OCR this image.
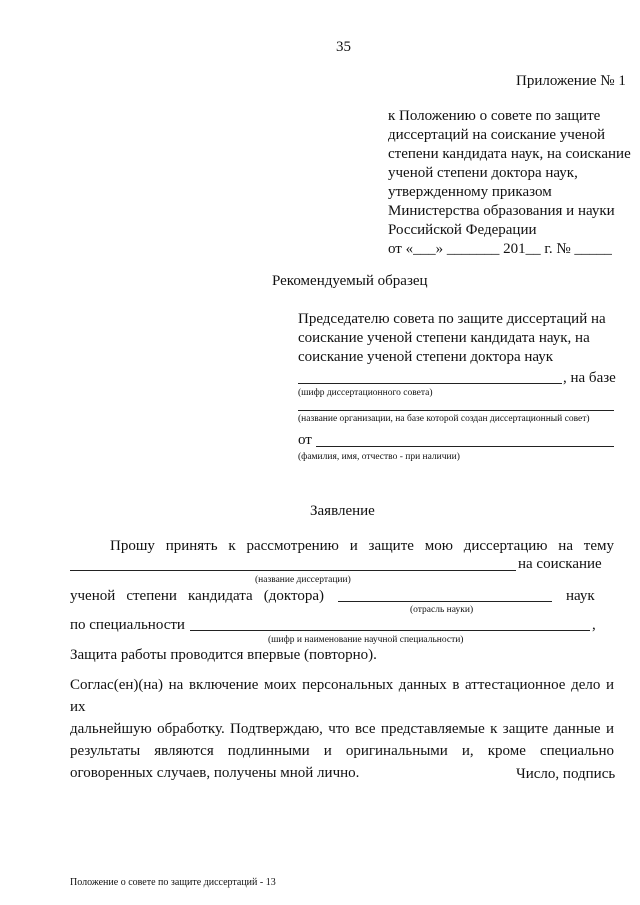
35
Приложение № 1
к Положению о совете по защите
диссертаций на соискание ученой
степени кандидата наук, на соискание
ученой степени доктора наук,
утвержденному приказом
Министерства образования и науки
Российской Федерации
от «___» _______ 201__ г. № _____
Рекомендуемый образец
Председателю совета по защите диссертаций на
соискание ученой степени кандидата наук, на
соискание ученой степени доктора наук
, на базе
(шифр диссертационного совета)
(название организации, на базе которой создан диссертационный совет)
от
(фамилия, имя, отчество - при наличии)
Заявление
Прошу принять к рассмотрению и защите мою диссертацию на тему
на соискание
(название диссертации)
ученой степени кандидата (доктора)	наук
(отрасль науки)
по специальности	,
(шифр и наименование научной специальности)
Защита работы проводится впервые (повторно).
Соглас(ен)(на) на включение моих персональных данных в аттестационное дело и их
дальнейшую обработку. Подтверждаю, что все представляемые к защите данные и
результаты являются подлинными и оригинальными и, кроме специально
оговоренных случаев, получены мной лично.	Число, подпись
Положение о совете по защите диссертаций - 13
